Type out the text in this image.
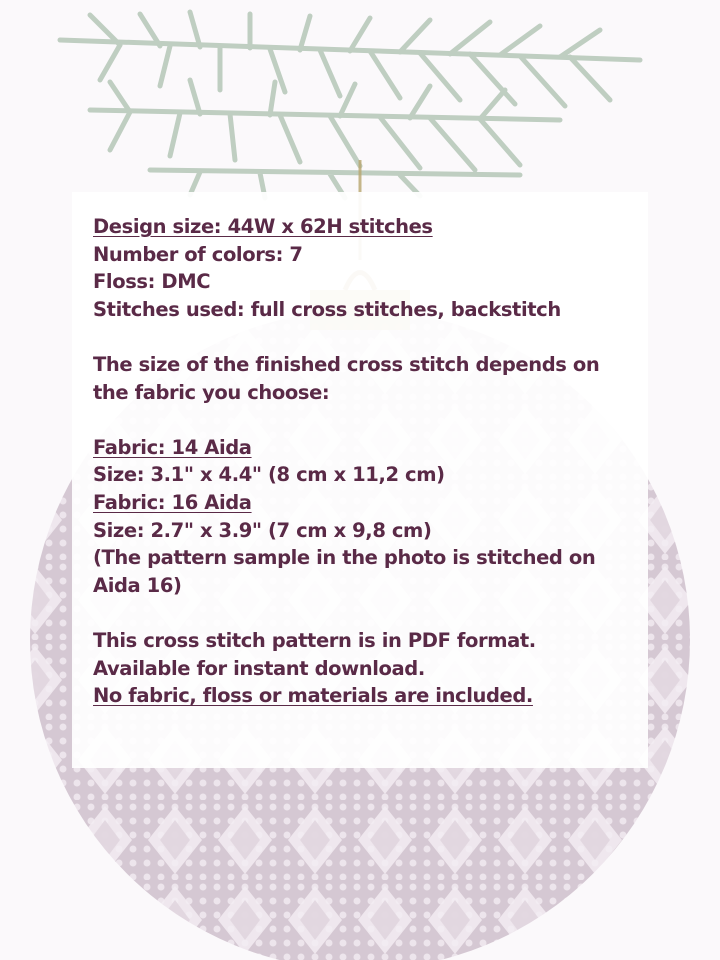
Design size: 44W x 62H stitches

Number of colors: 7

Floss: DMC

Stitches used: full cross stitches, backstitch

The size of the finished cross stitch depends on the fabric you choose:

Fabric: 14 Aida

Size: 3.1" x 4.4" (8 cm x 11,2 cm)

Fabric: 16 Aida

Size: 2.7" x 3.9" (7 cm x 9,8 cm)

(The pattern sample in the photo is stitched on Aida 16)

This cross stitch pattern is in PDF format. Available for instant download.

No fabric, floss or materials are included.
